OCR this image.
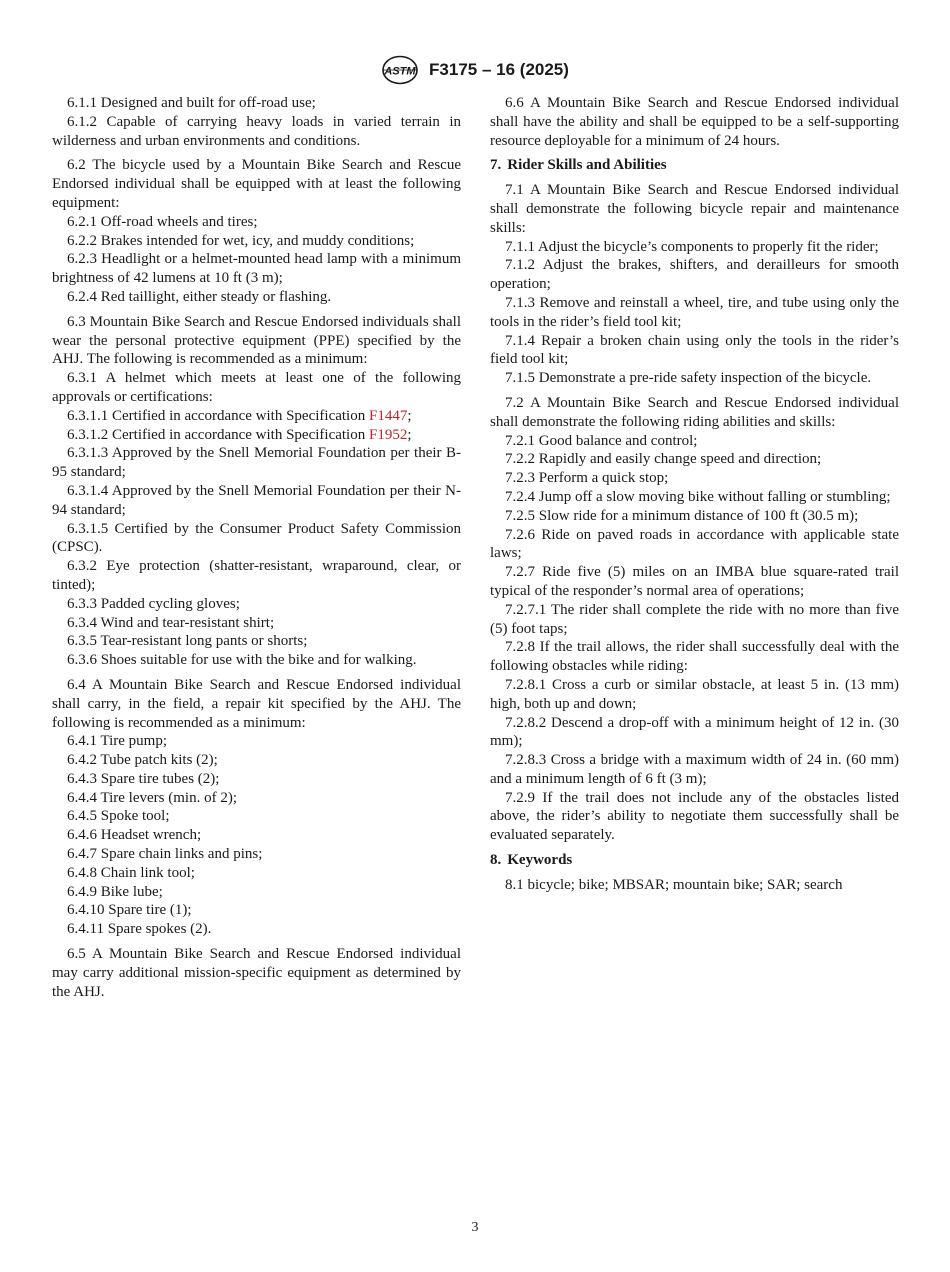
ASTM F3175 – 16 (2025)

6.1.1 Designed and built for off-road use;

6.1.2 Capable of carrying heavy loads in varied terrain in wilderness and urban environments and conditions.

6.2 The bicycle used by a Mountain Bike Search and Rescue Endorsed individual shall be equipped with at least the following equipment:

6.2.1 Off-road wheels and tires;

6.2.2 Brakes intended for wet, icy, and muddy conditions;

6.2.3 Headlight or a helmet-mounted head lamp with a minimum brightness of 42 lumens at 10 ft (3 m);

6.2.4 Red taillight, either steady or flashing.

6.3 Mountain Bike Search and Rescue Endorsed individuals shall wear the personal protective equipment (PPE) specified by the AHJ. The following is recommended as a minimum:

6.3.1 A helmet which meets at least one of the following approvals or certifications:

6.3.1.1 Certified in accordance with Specification F1447;

6.3.1.2 Certified in accordance with Specification F1952;

6.3.1.3 Approved by the Snell Memorial Foundation per their B-95 standard;

6.3.1.4 Approved by the Snell Memorial Foundation per their N-94 standard;

6.3.1.5 Certified by the Consumer Product Safety Commission (CPSC).

6.3.2 Eye protection (shatter-resistant, wraparound, clear, or tinted);

6.3.3 Padded cycling gloves;

6.3.4 Wind and tear-resistant shirt;

6.3.5 Tear-resistant long pants or shorts;

6.3.6 Shoes suitable for use with the bike and for walking.

6.4 A Mountain Bike Search and Rescue Endorsed individual shall carry, in the field, a repair kit specified by the AHJ. The following is recommended as a minimum:

6.4.1 Tire pump;

6.4.2 Tube patch kits (2);

6.4.3 Spare tire tubes (2);

6.4.4 Tire levers (min. of 2);

6.4.5 Spoke tool;

6.4.6 Headset wrench;

6.4.7 Spare chain links and pins;

6.4.8 Chain link tool;

6.4.9 Bike lube;

6.4.10 Spare tire (1);

6.4.11 Spare spokes (2).

6.5 A Mountain Bike Search and Rescue Endorsed individual may carry additional mission-specific equipment as determined by the AHJ.

6.6 A Mountain Bike Search and Rescue Endorsed individual shall have the ability and shall be equipped to be a self-supporting resource deployable for a minimum of 24 hours.

7. Rider Skills and Abilities

7.1 A Mountain Bike Search and Rescue Endorsed individual shall demonstrate the following bicycle repair and maintenance skills:

7.1.1 Adjust the bicycle’s components to properly fit the rider;

7.1.2 Adjust the brakes, shifters, and derailleurs for smooth operation;

7.1.3 Remove and reinstall a wheel, tire, and tube using only the tools in the rider’s field tool kit;

7.1.4 Repair a broken chain using only the tools in the rider’s field tool kit;

7.1.5 Demonstrate a pre-ride safety inspection of the bicycle.

7.2 A Mountain Bike Search and Rescue Endorsed individual shall demonstrate the following riding abilities and skills:

7.2.1 Good balance and control;

7.2.2 Rapidly and easily change speed and direction;

7.2.3 Perform a quick stop;

7.2.4 Jump off a slow moving bike without falling or stumbling;

7.2.5 Slow ride for a minimum distance of 100 ft (30.5 m);

7.2.6 Ride on paved roads in accordance with applicable state laws;

7.2.7 Ride five (5) miles on an IMBA blue square-rated trail typical of the responder’s normal area of operations;

7.2.7.1 The rider shall complete the ride with no more than five (5) foot taps;

7.2.8 If the trail allows, the rider shall successfully deal with the following obstacles while riding:

7.2.8.1 Cross a curb or similar obstacle, at least 5 in. (13 mm) high, both up and down;

7.2.8.2 Descend a drop-off with a minimum height of 12 in. (30 mm);

7.2.8.3 Cross a bridge with a maximum width of 24 in. (60 mm) and a minimum length of 6 ft (3 m);

7.2.9 If the trail does not include any of the obstacles listed above, the rider’s ability to negotiate them successfully shall be evaluated separately.

8. Keywords

8.1 bicycle; bike; MBSAR; mountain bike; SAR; search

3
